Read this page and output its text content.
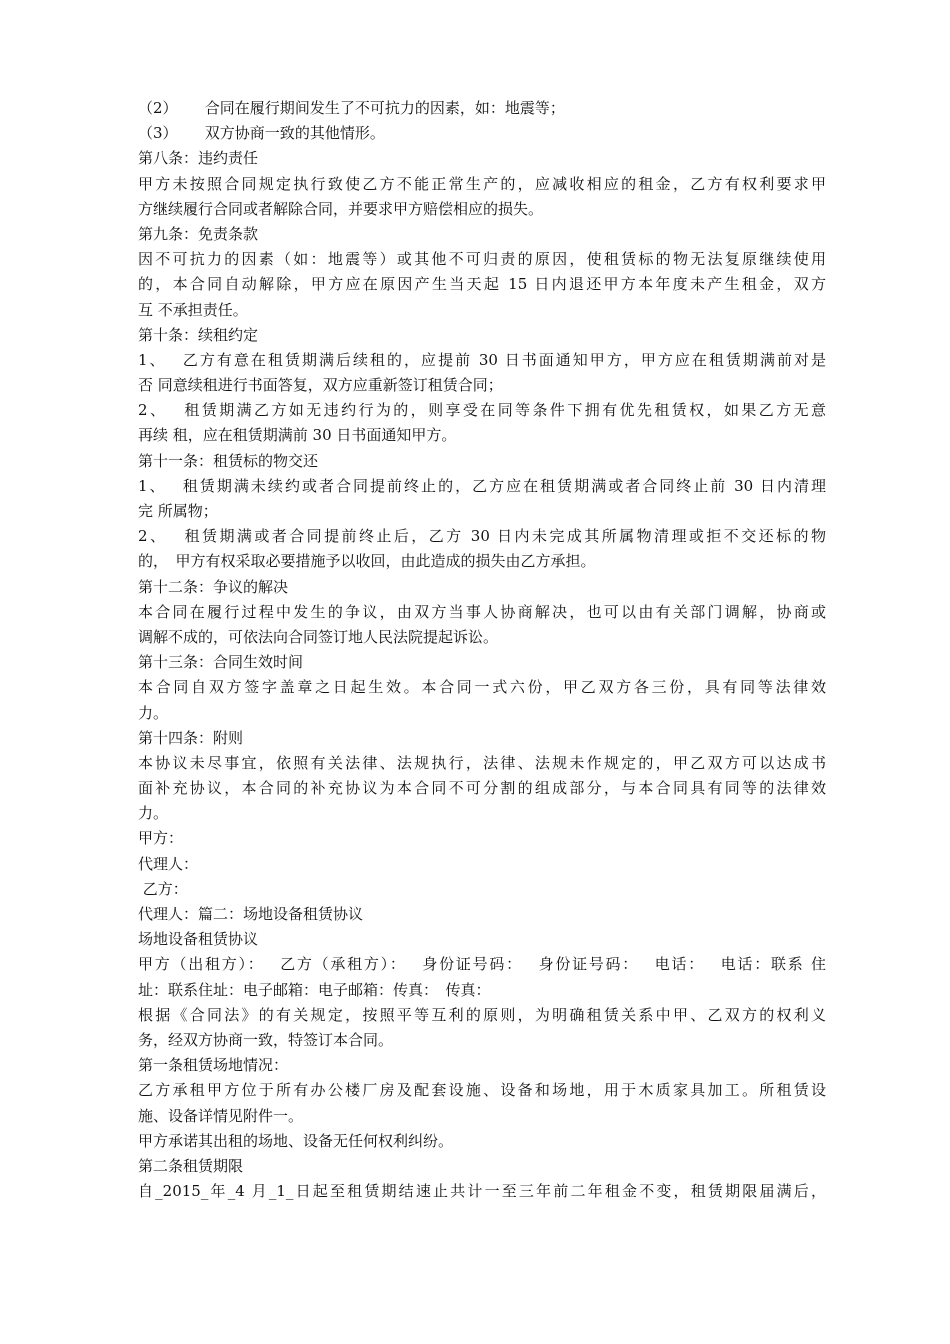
（2）　　 合同在履行期间发生了不可抗力的因素，如：地震等；
（3）　　 双方协商一致的其他情形。
第八条：违约责任
甲方未按照合同规定执行致使乙方不能正常生产的，应减收相应的租金，乙方有权利要求甲
方继续履行合同或者解除合同，并要求甲方赔偿相应的损失。
第九条：免责条款
因不可抗力的因素（如：地震等）或其他不可归责的原因，使租赁标的物无法复原继续使用
的，本合同自动解除，甲方应在原因产生当天起 15 日内退还甲方本年度未产生租金，双方
互 不承担责任。
第十条：续租约定
1、　 乙方有意在租赁期满后续租的，应提前 30 日书面通知甲方，甲方应在租赁期满前对是
否 同意续租进行书面答复，双方应重新签订租赁合同；
2、　 租赁期满乙方如无违约行为的，则享受在同等条件下拥有优先租赁权，如果乙方无意
再续 租，应在租赁期满前 30 日书面通知甲方。
第十一条：租赁标的物交还
1、　 租赁期满未续约或者合同提前终止的，乙方应在租赁期满或者合同终止前 30 日内清理
完 所属物；
2、　 租赁期满或者合同提前终止后，乙方 30 日内未完成其所属物清理或拒不交还标的物
的，　甲方有权采取必要措施予以收回，由此造成的损失由乙方承担。
第十二条：争议的解决
本合同在履行过程中发生的争议，由双方当事人协商解决，也可以由有关部门调解，协商或
调解不成的，可依法向合同签订地人民法院提起诉讼。
第十三条：合同生效时间
本合同自双方签字盖章之日起生效。本合同一式六份，甲乙双方各三份，具有同等法律效
力。
第十四条：附则
本协议未尽事宜，依照有关法律、法规执行，法律、法规未作规定的，甲乙双方可以达成书
面补充协议，本合同的补充协议为本合同不可分割的组成部分，与本合同具有同等的法律效
力。
甲方：
代理人：
乙方：
代理人：篇二：场地设备租赁协议
场地设备租赁协议
甲方（出租方）：　 乙方（承租方）：　 身份证号码：　 身份证号码：　 电话：　 电话：联系 住
址：联系住址：电子邮箱：电子邮箱：传真：　传真：
根据《合同法》的有关规定，按照平等互利的原则，为明确租赁关系中甲、乙双方的权利义
务，经双方协商一致，特签订本合同。
第一条租赁场地情况：
乙方承租甲方位于所有办公楼厂房及配套设施、设备和场地，用于木质家具加工。所租赁设
施、设备详情见附件一。
甲方承诺其出租的场地、设备无任何权利纠纷。
第二条租赁期限
自_2015_年_4 月_1_日起至租赁期结速止共计一至三年前二年租金不变，租赁期限届满后，
